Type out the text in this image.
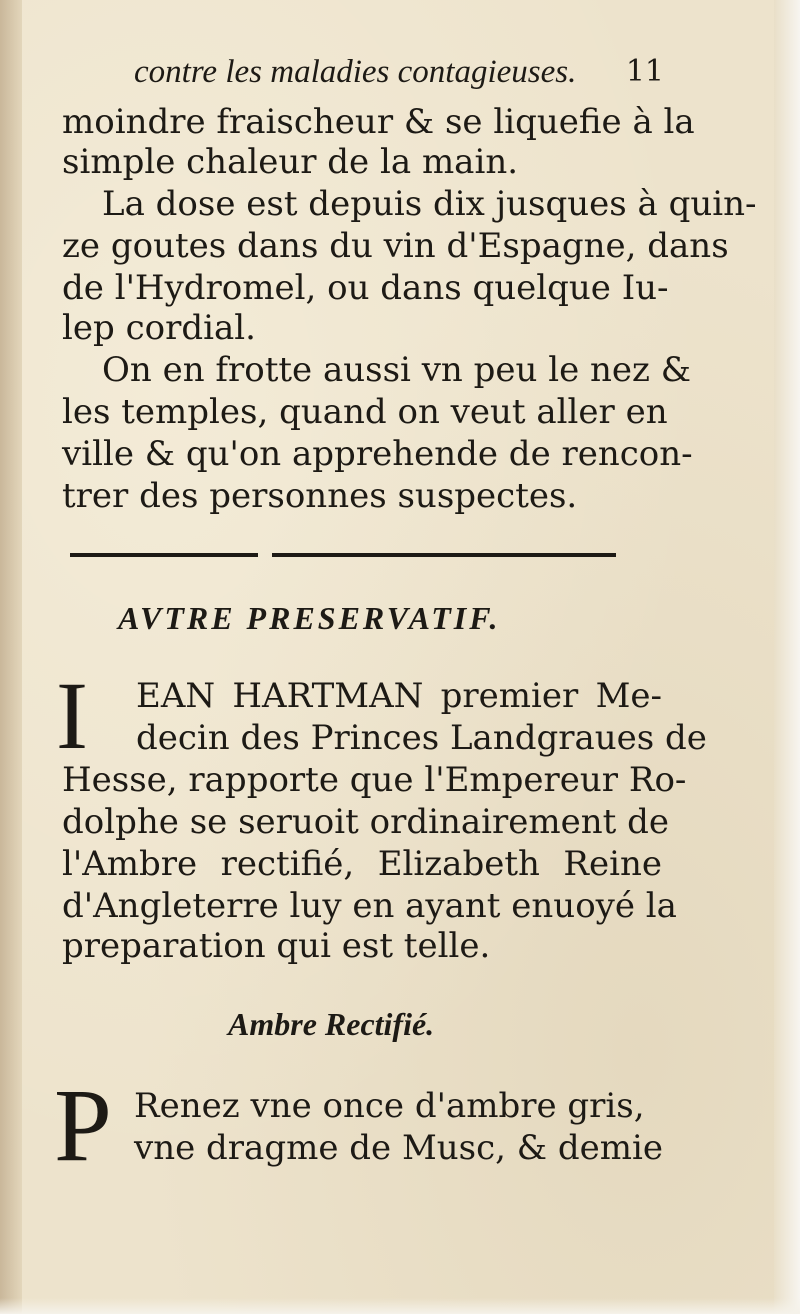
contre les maladies contagieuses.	11
moindre fraischeur & se liquefie à la
simple chaleur de la main.
La dose est depuis dix jusques à quin-
ze goutes dans du vin d'Espagne, dans
de l'Hydromel, ou dans quelque Iu-
lep cordial.
On en frotte aussi vn peu le nez &
les temples, quand on veut aller en
ville & qu'on apprehende de rencon-
trer des personnes suspectes.
AVTRE PRESERVATIF.
I EAN HARTMAN premier Me-
decin des Princes Landgraues de
Hesse, rapporte que l'Empereur Ro-
dolphe se seruoit ordinairement de
l'Ambre rectifié, Elizabeth Reine
d'Angleterre luy en ayant enuoyé la
preparation qui est telle.
Ambre Rectifié.
P Renez vne once d'ambre gris,
vne dragme de Musc, & demie
